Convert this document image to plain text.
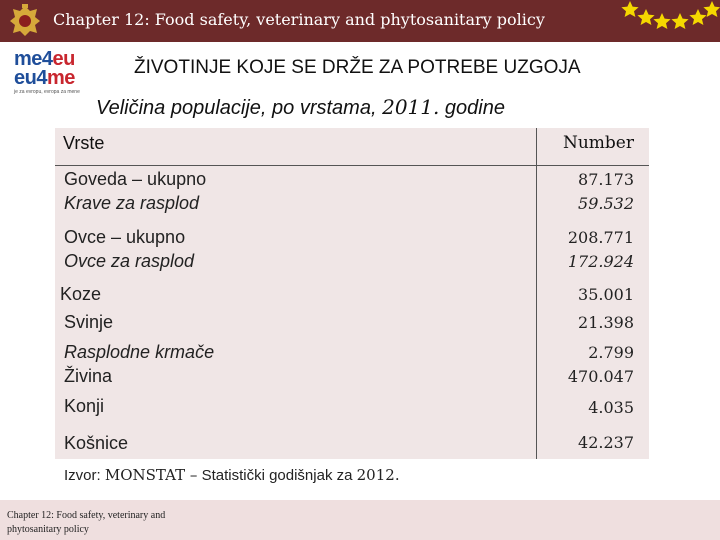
Chapter 12: Food safety, veterinary and phytosanitary policy
me4eu
eu4me
je za evropu, evropa za mene
ŽIVOTINJE KOJE SE DRŽE ZA POTREBE UZGOJA
Veličina populacije, po vrstama, 2011. godine
Vrste	Number
Goveda – ukupno	87.173
Krave za rasplod	59.532
Ovce – ukupno	208.771
Ovce za rasplod	172.924
Koze	35.001
Svinje	21.398
Rasplodne krmače	2.799
Živina	470.047
Konji	4.035
Košnice	42.237
Izvor: MONSTAT – Statistički godišnjak za 2012.
Chapter 12: Food safety, veterinary and phytosanitary policy
